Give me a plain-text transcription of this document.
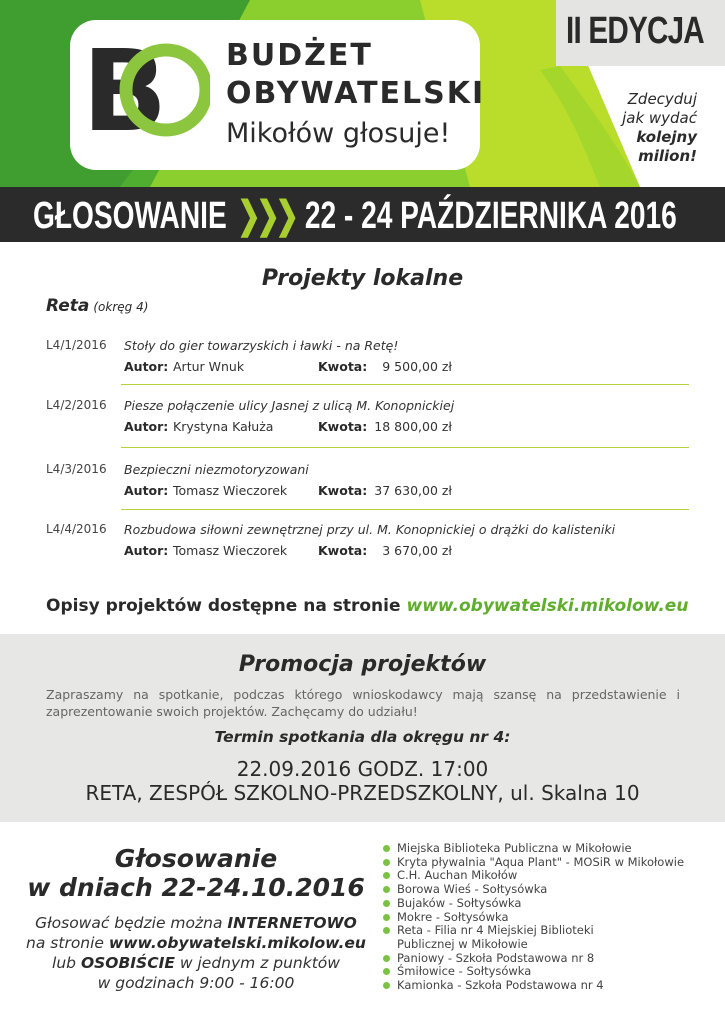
B BUDŻET
OBYWATELSKI
Mikołów głosuje!
II EDYCJA
Zdecyduj
jak wydać
kolejny
milion!
GŁOSOWANIE ❯❯❯ 22 - 24 PAŹDZIERNIKA 2016
Projekty lokalne
Reta (okręg 4)
L4/1/2016 Stoły do gier towarzyskich i ławki - na Retę!
Autor: Artur Wnuk	Kwota:	9 500,00 zł
L4/2/2016 Piesze połączenie ulicy Jasnej z ulicą M. Konopnickiej
Autor: Krystyna Kałuża	Kwota: 18 800,00 zł
L4/3/2016 Bezpieczni niezmotoryzowani
Autor: Tomasz Wieczorek Kwota: 37 630,00 zł
L4/4/2016 Rozbudowa siłowni zewnętrznej przy ul. M. Konopnickiej o drążki do kalisteniki
Autor: Tomasz Wieczorek Kwota:	3 670,00 zł
Opisy projektów dostępne na stronie www.obywatelski.mikolow.eu
Promocja projektów
Zapraszamy na spotkanie, podczas którego wnioskodawcy mają szansę na przedstawienie i zaprezentowanie swoich projektów. Zachęcamy do udziału!
Termin spotkania dla okręgu nr 4:
22.09.2016 GODZ. 17:00
RETA, ZESPÓŁ SZKOLNO-PRZEDSZKOLNY, ul. Skalna 10
Głosowanie
w dniach 22-24.10.2016
Głosować będzie można INTERNETOWO
na stronie www.obywatelski.mikolow.eu
lub OSOBIŚCIE w jednym z punktów
w godzinach 9:00 - 16:00
Miejska Biblioteka Publiczna w Mikołowie
Kryta pływalnia "Aqua Plant" - MOSiR w Mikołowie
C.H. Auchan Mikołów
Borowa Wieś - Sołtysówka
Bujaków - Sołtysówka
Mokre - Sołtysówka
Reta - Filia nr 4 Miejskiej Biblioteki Publicznej w Mikołowie
Paniowy - Szkoła Podstawowa nr 8
Śmiłowice - Sołtysówka
Kamionka - Szkoła Podstawowa nr 4
